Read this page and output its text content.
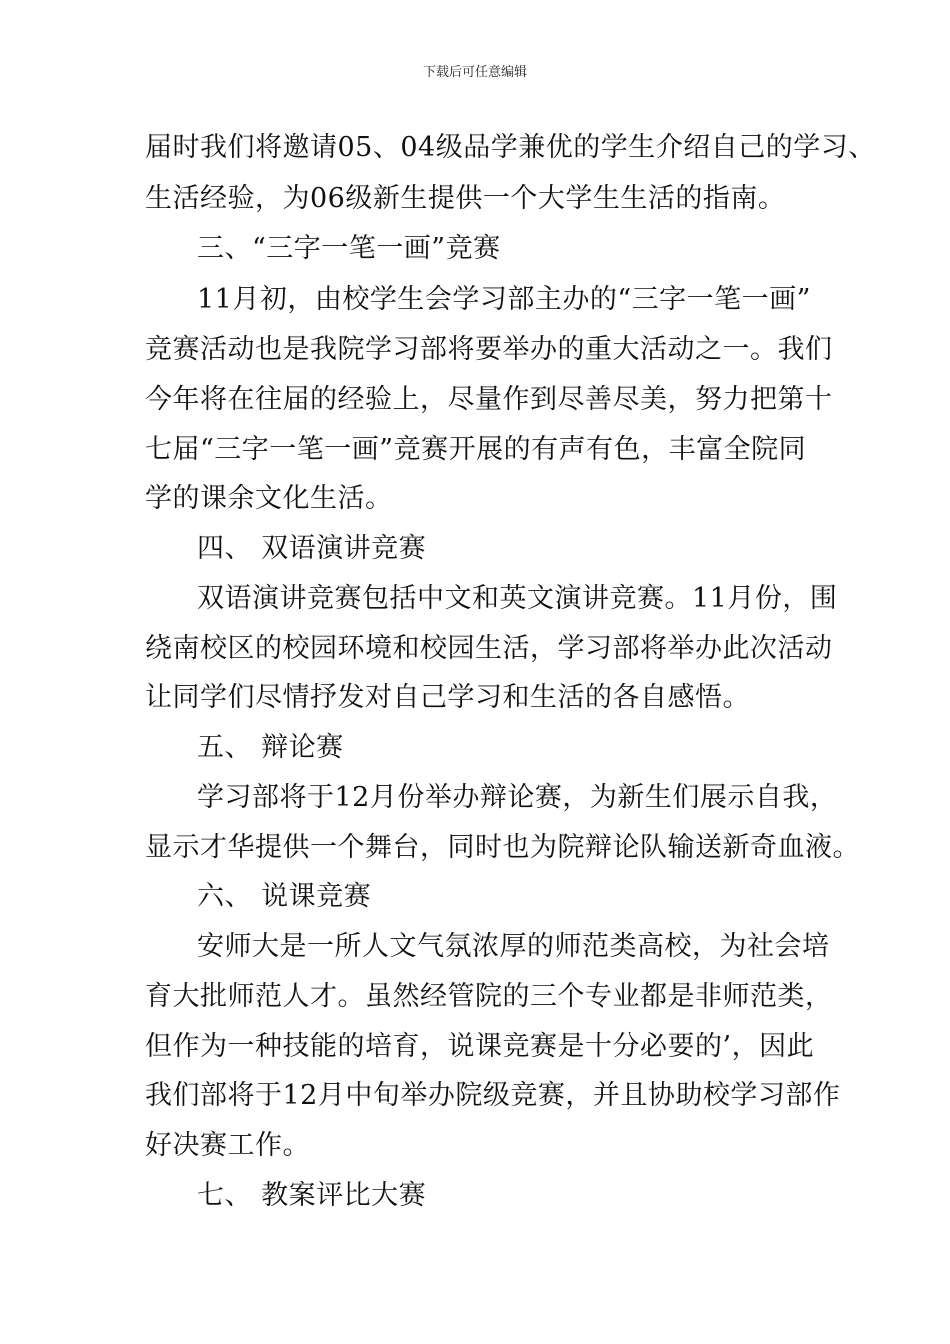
下载后可任意编辑
届时我们将邀请05、04级品学兼优的学生介绍自己的学习、
生活经验，为06级新生提供一个大学生生活的指南。
三、“三字一笔一画”竞赛
11月初，由校学生会学习部主办的“三字一笔一画”
竞赛活动也是我院学习部将要举办的重大活动之一。我们
今年将在往届的经验上，尽量作到尽善尽美，努力把第十
七届“三字一笔一画”竞赛开展的有声有色，丰富全院同
学的课余文化生活。
四、 双语演讲竞赛
双语演讲竞赛包括中文和英文演讲竞赛。11月份，围
绕南校区的校园环境和校园生活，学习部将举办此次活动
让同学们尽情抒发对自己学习和生活的各自感悟。
五、 辩论赛
学习部将于12月份举办辩论赛，为新生们展示自我，
显示才华提供一个舞台，同时也为院辩论队输送新奇血液。
六、 说课竞赛
安师大是一所人文气氛浓厚的师范类高校，为社会培
育大批师范人才。虽然经管院的三个专业都是非师范类，
但作为一种技能的培育，说课竞赛是十分必要的’，因此
我们部将于12月中旬举办院级竞赛，并且协助校学习部作
好决赛工作。
七、 教案评比大赛
